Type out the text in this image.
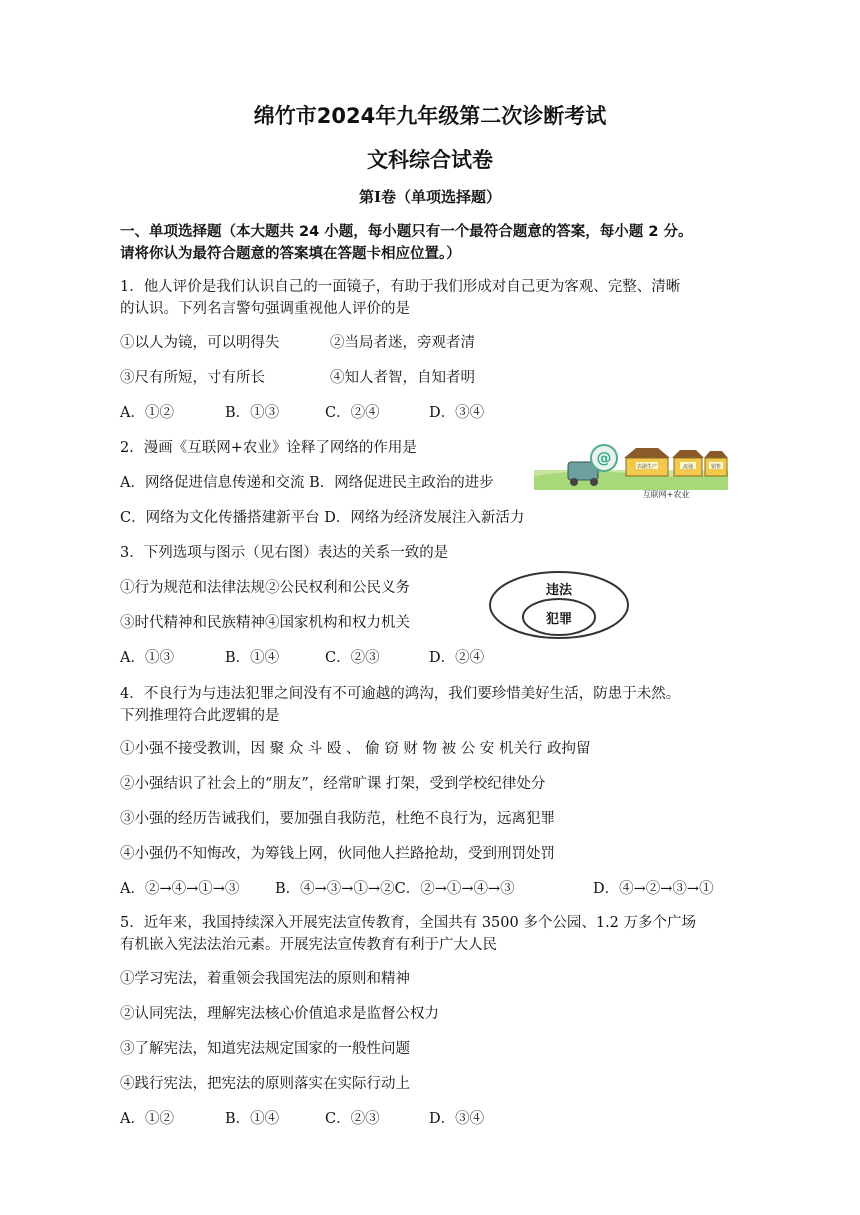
绵竹市2024年九年级第二次诊断考试
文科综合试卷
第Ⅰ卷（单项选择题）
一、单项选择题（本大题共 24 小题，每小题只有一个最符合题意的答案，每小题 2 分。
请将你认为最符合题意的答案填在答题卡相应位置。）
1．他人评价是我们认识自己的一面镜子，有助于我们形成对自己更为客观、完整、清晰
的认识。下列名言警句强调重视他人评价的是
①以人为镜，可以明得失	②当局者迷，旁观者清
③尺有所短，寸有所长	④知人者智，自知者明
A．①②	B．①③	C．②④	D．③④
2．漫画《互联网+农业》诠释了网络的作用是
A．网络促进信息传递和交流 B．网络促进民主政治的进步
C．网络为文化传播搭建新平台 D．网络为经济发展注入新活力
@	农副生产	流通	销售
互联网+农业
3．下列选项与图示（见右图）表达的关系一致的是
①行为规范和法律法规②公民权利和公民义务
③时代精神和民族精神④国家机构和权力机关
违法
犯罪
A．①③	B．①④	C．②③	D．②④
4．不良行为与违法犯罪之间没有不可逾越的鸿沟，我们要珍惜美好生活，防患于未然。
下列推理符合此逻辑的是
①小强不接受教训，因 聚 众 斗 殴 、 偷 窃 财 物 被 公 安 机关行 政拘留
②小强结识了社会上的“朋友”，经常旷课 打架，受到学校纪律处分
③小强的经历告诫我们，要加强自我防范，杜绝不良行为，远离犯罪
④小强仍不知悔改，为筹钱上网，伙同他人拦路抢劫，受到刑罚处罚
A．②→④→①→③ B．④→③→①→②C．②→①→④→③	D．④→②→③→①
5．近年来，我国持续深入开展宪法宣传教育，全国共有 3500 多个公园、1.2 万多个广场
有机嵌入宪法法治元素。开展宪法宣传教育有利于广大人民
①学习宪法，着重领会我国宪法的原则和精神
②认同宪法，理解宪法核心价值追求是监督公权力
③了解宪法，知道宪法规定国家的一般性问题
④践行宪法，把宪法的原则落实在实际行动上
A．①②	B．①④	C．②③	D．③④
